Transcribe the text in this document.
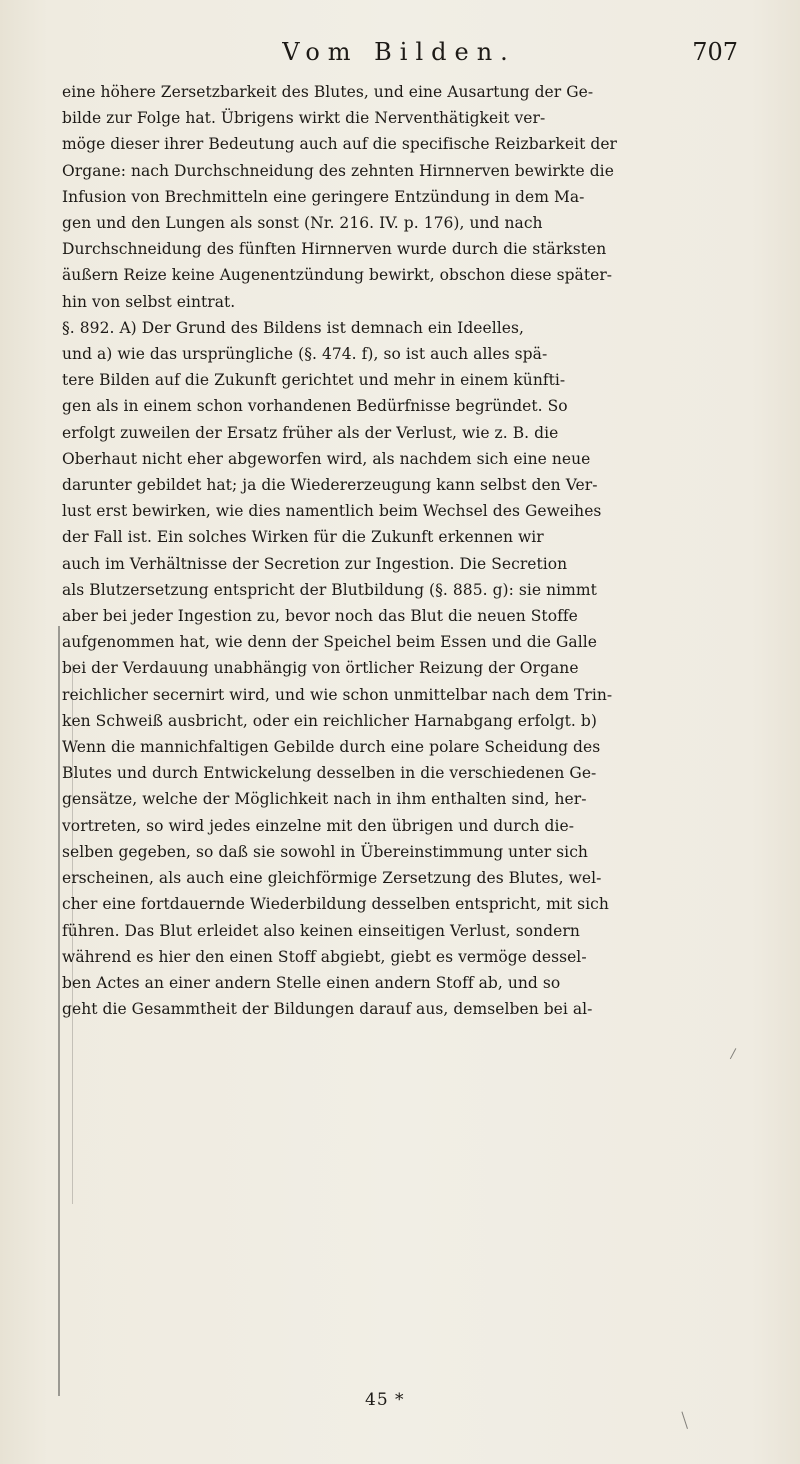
Vom Bilden.	707
eine höhere Zersetzbarkeit des Blutes, und eine Ausartung der Ge-
bilde zur Folge hat. Übrigens wirkt die Nerventhätigkeit ver-
möge dieser ihrer Bedeutung auch auf die specifische Reizbarkeit der
Organe: nach Durchschneidung des zehnten Hirnnerven bewirkte die
Infusion von Brechmitteln eine geringere Entzündung in dem Ma-
gen und den Lungen als sonst (Nr. 216. IV. p. 176), und nach
Durchschneidung des fünften Hirnnerven wurde durch die stärksten
äußern Reize keine Augenentzündung bewirkt, obschon diese später-
hin von selbst eintrat.
§. 892. A) Der Grund des Bildens ist demnach ein Ideelles,
und a) wie das ursprüngliche (§. 474. f), so ist auch alles spä-
tere Bilden auf die Zukunft gerichtet und mehr in einem künfti-
gen als in einem schon vorhandenen Bedürfnisse begründet. So
erfolgt zuweilen der Ersatz früher als der Verlust, wie z. B. die
Oberhaut nicht eher abgeworfen wird, als nachdem sich eine neue
darunter gebildet hat; ja die Wiedererzeugung kann selbst den Ver-
lust erst bewirken, wie dies namentlich beim Wechsel des Geweihes
der Fall ist. Ein solches Wirken für die Zukunft erkennen wir
auch im Verhältnisse der Secretion zur Ingestion. Die Secretion
als Blutzersetzung entspricht der Blutbildung (§. 885. g): sie nimmt
aber bei jeder Ingestion zu, bevor noch das Blut die neuen Stoffe
aufgenommen hat, wie denn der Speichel beim Essen und die Galle
bei der Verdauung unabhängig von örtlicher Reizung der Organe
reichlicher secernirt wird, und wie schon unmittelbar nach dem Trin-
ken Schweiß ausbricht, oder ein reichlicher Harnabgang erfolgt. b)
Wenn die mannichfaltigen Gebilde durch eine polare Scheidung des
Blutes und durch Entwickelung desselben in die verschiedenen Ge-
gensätze, welche der Möglichkeit nach in ihm enthalten sind, her-
vortreten, so wird jedes einzelne mit den übrigen und durch die-
selben gegeben, so daß sie sowohl in Übereinstimmung unter sich
erscheinen, als auch eine gleichförmige Zersetzung des Blutes, wel-
cher eine fortdauernde Wiederbildung desselben entspricht, mit sich
führen. Das Blut erleidet also keinen einseitigen Verlust, sondern
während es hier den einen Stoff abgiebt, giebt es vermöge dessel-
ben Actes an einer andern Stelle einen andern Stoff ab, und so
geht die Gesammtheit der Bildungen darauf aus, demselben bei al-
45 *
